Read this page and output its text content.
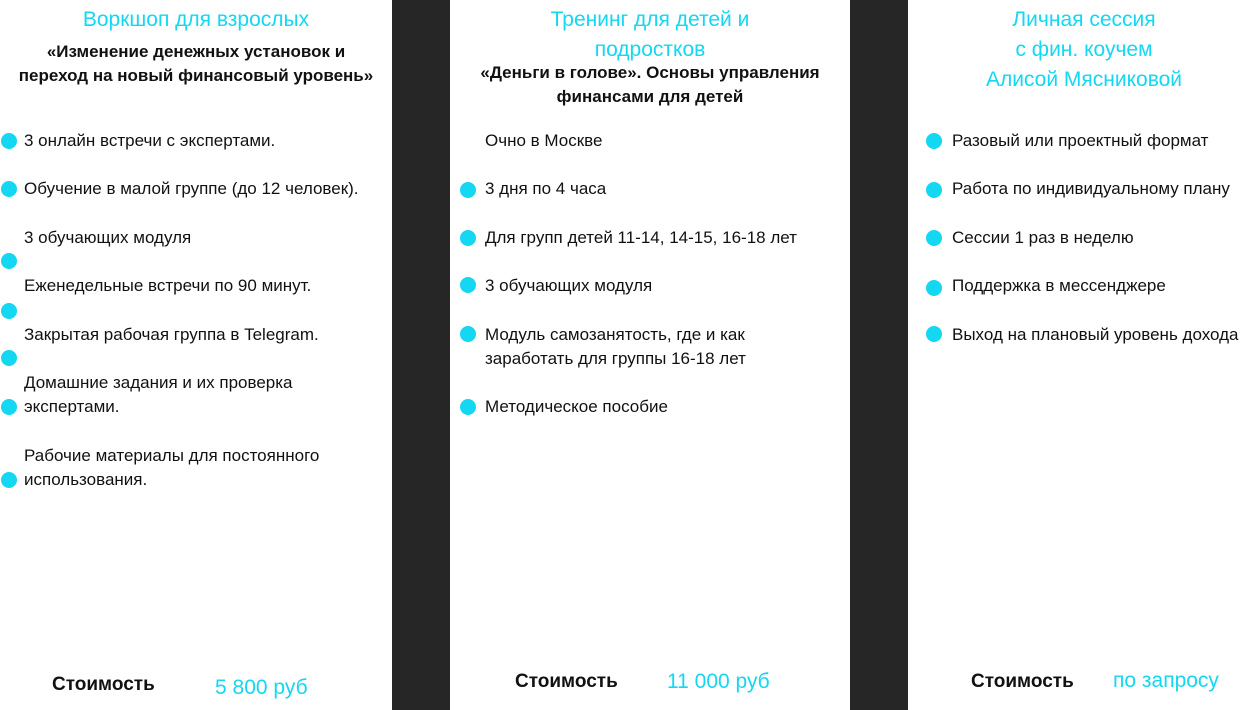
Воркшоп для взрослых
«Изменение денежных установок и
переход на новый финансовый уровень»
3 онлайн встречи с экспертами.
Обучение в малой группе (до 12 человек).
3 обучающих модуля
Еженедельные встречи по 90 минут.
Закрытая рабочая группа в Telegram.
Домашние задания и их проверка
экспертами.
Рабочие материалы для постоянного
использования.
Стоимость	5 800 руб
Тренинг для детей и
подростков
«Деньги в голове». Основы управления
финансами для детей
Очно в Москве
3 дня по 4 часа
Для групп детей 11-14, 14-15, 16-18 лет
3 обучающих модуля
Модуль самозанятость, где и как
заработать для группы 16-18 лет
Методическое пособие
Стоимость 11 000 руб
Личная сессия
с фин. коучем
Алисой Мясниковой
Разовый или проектный формат
Работа по индивидуальному плану
Сессии 1 раз в неделю
Поддержка в мессенджере
Выход на плановый уровень дохода
Стоимость по запросу
